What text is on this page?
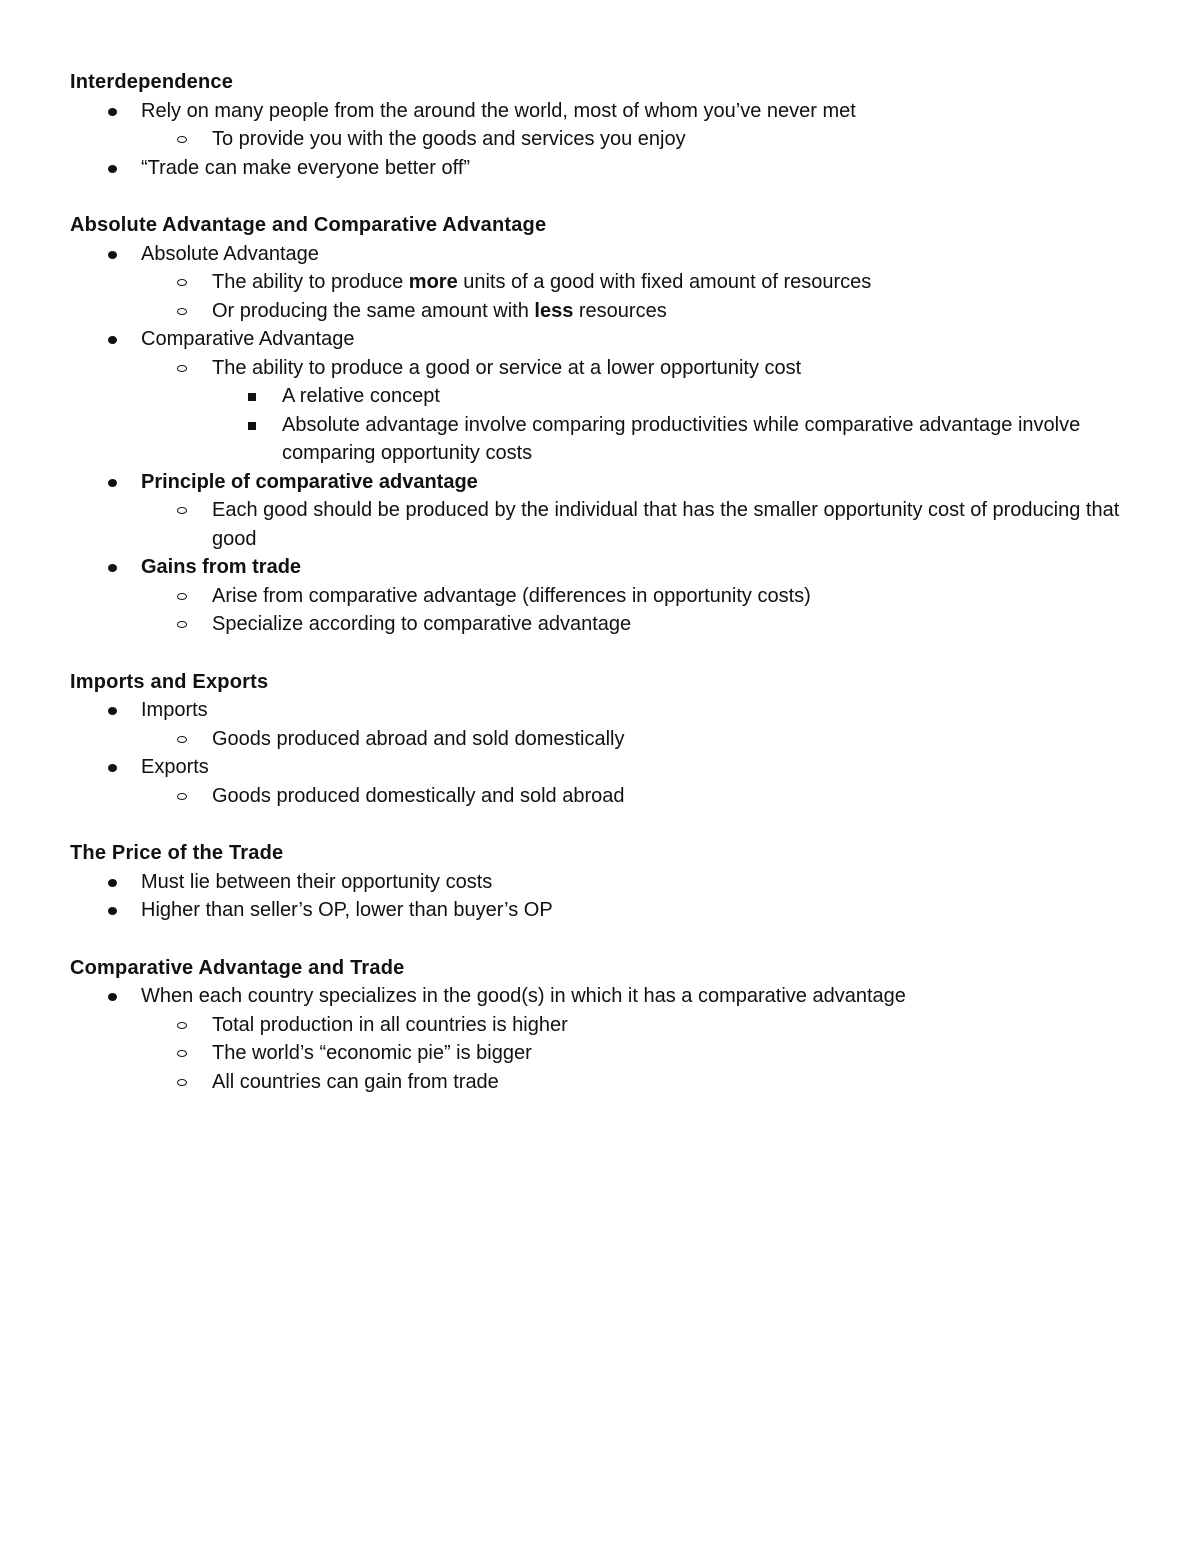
Interdependence

Rely on many people from the around the world, most of whom you’ve never met
To provide you with the goods and services you enjoy
“Trade can make everyone better off”

Absolute Advantage and Comparative Advantage

Absolute Advantage
The ability to produce more units of a good with fixed amount of resources
Or producing the same amount with less resources
Comparative Advantage
The ability to produce a good or service at a lower opportunity cost
A relative concept
Absolute advantage involve comparing productivities while comparative advantage involve comparing opportunity costs
Principle of comparative advantage
Each good should be produced by the individual that has the smaller opportunity cost of producing that good
Gains from trade
Arise from comparative advantage (differences in opportunity costs)
Specialize according to comparative advantage

Imports and Exports

Imports
Goods produced abroad and sold domestically
Exports
Goods produced domestically and sold abroad

The Price of the Trade

Must lie between their opportunity costs
Higher than seller’s OP, lower than buyer’s OP

Comparative Advantage and Trade

When each country specializes in the good(s) in which it has a comparative advantage
Total production in all countries is higher
The world’s “economic pie” is bigger
All countries can gain from trade
